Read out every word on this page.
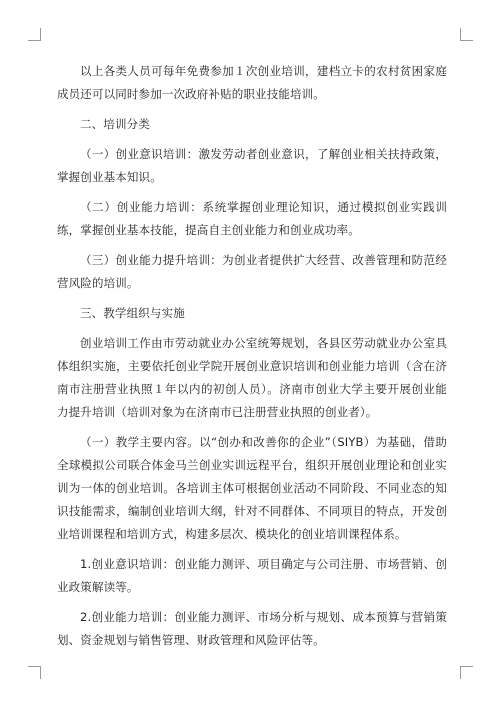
以上各类人员可每年免费参加１次创业培训，建档立卡的农村贫困家庭成员还可以同时参加一次政府补贴的职业技能培训。

二、培训分类

（一）创业意识培训：激发劳动者创业意识，了解创业相关扶持政策，掌握创业基本知识。

（二）创业能力培训：系统掌握创业理论知识，通过模拟创业实践训练，掌握创业基本技能，提高自主创业能力和创业成功率。

（三）创业能力提升培训：为创业者提供扩大经营、改善管理和防范经营风险的培训。

三、教学组织与实施

创业培训工作由市劳动就业办公室统筹规划，各县区劳动就业办公室具体组织实施，主要依托创业学院开展创业意识培训和创业能力培训（含在济南市注册营业执照１年以内的初创人员）。济南市创业大学主要开展创业能力提升培训（培训对象为在济南市已注册营业执照的创业者）。

（一）教学主要内容。以“创办和改善你的企业”（SIYB）为基础，借助全球模拟公司联合体金马兰创业实训远程平台，组织开展创业理论和创业实训为一体的创业培训。各培训主体可根据创业活动不同阶段、不同业态的知识技能需求，编制创业培训大纲，针对不同群体、不同项目的特点，开发创业培训课程和培训方式，构建多层次、模块化的创业培训课程体系。

1.创业意识培训：创业能力测评、项目确定与公司注册、市场营销、创业政策解读等。

2.创业能力培训：创业能力测评、市场分析与规划、成本预算与营销策划、资金规划与销售管理、财政管理和风险评估等。
